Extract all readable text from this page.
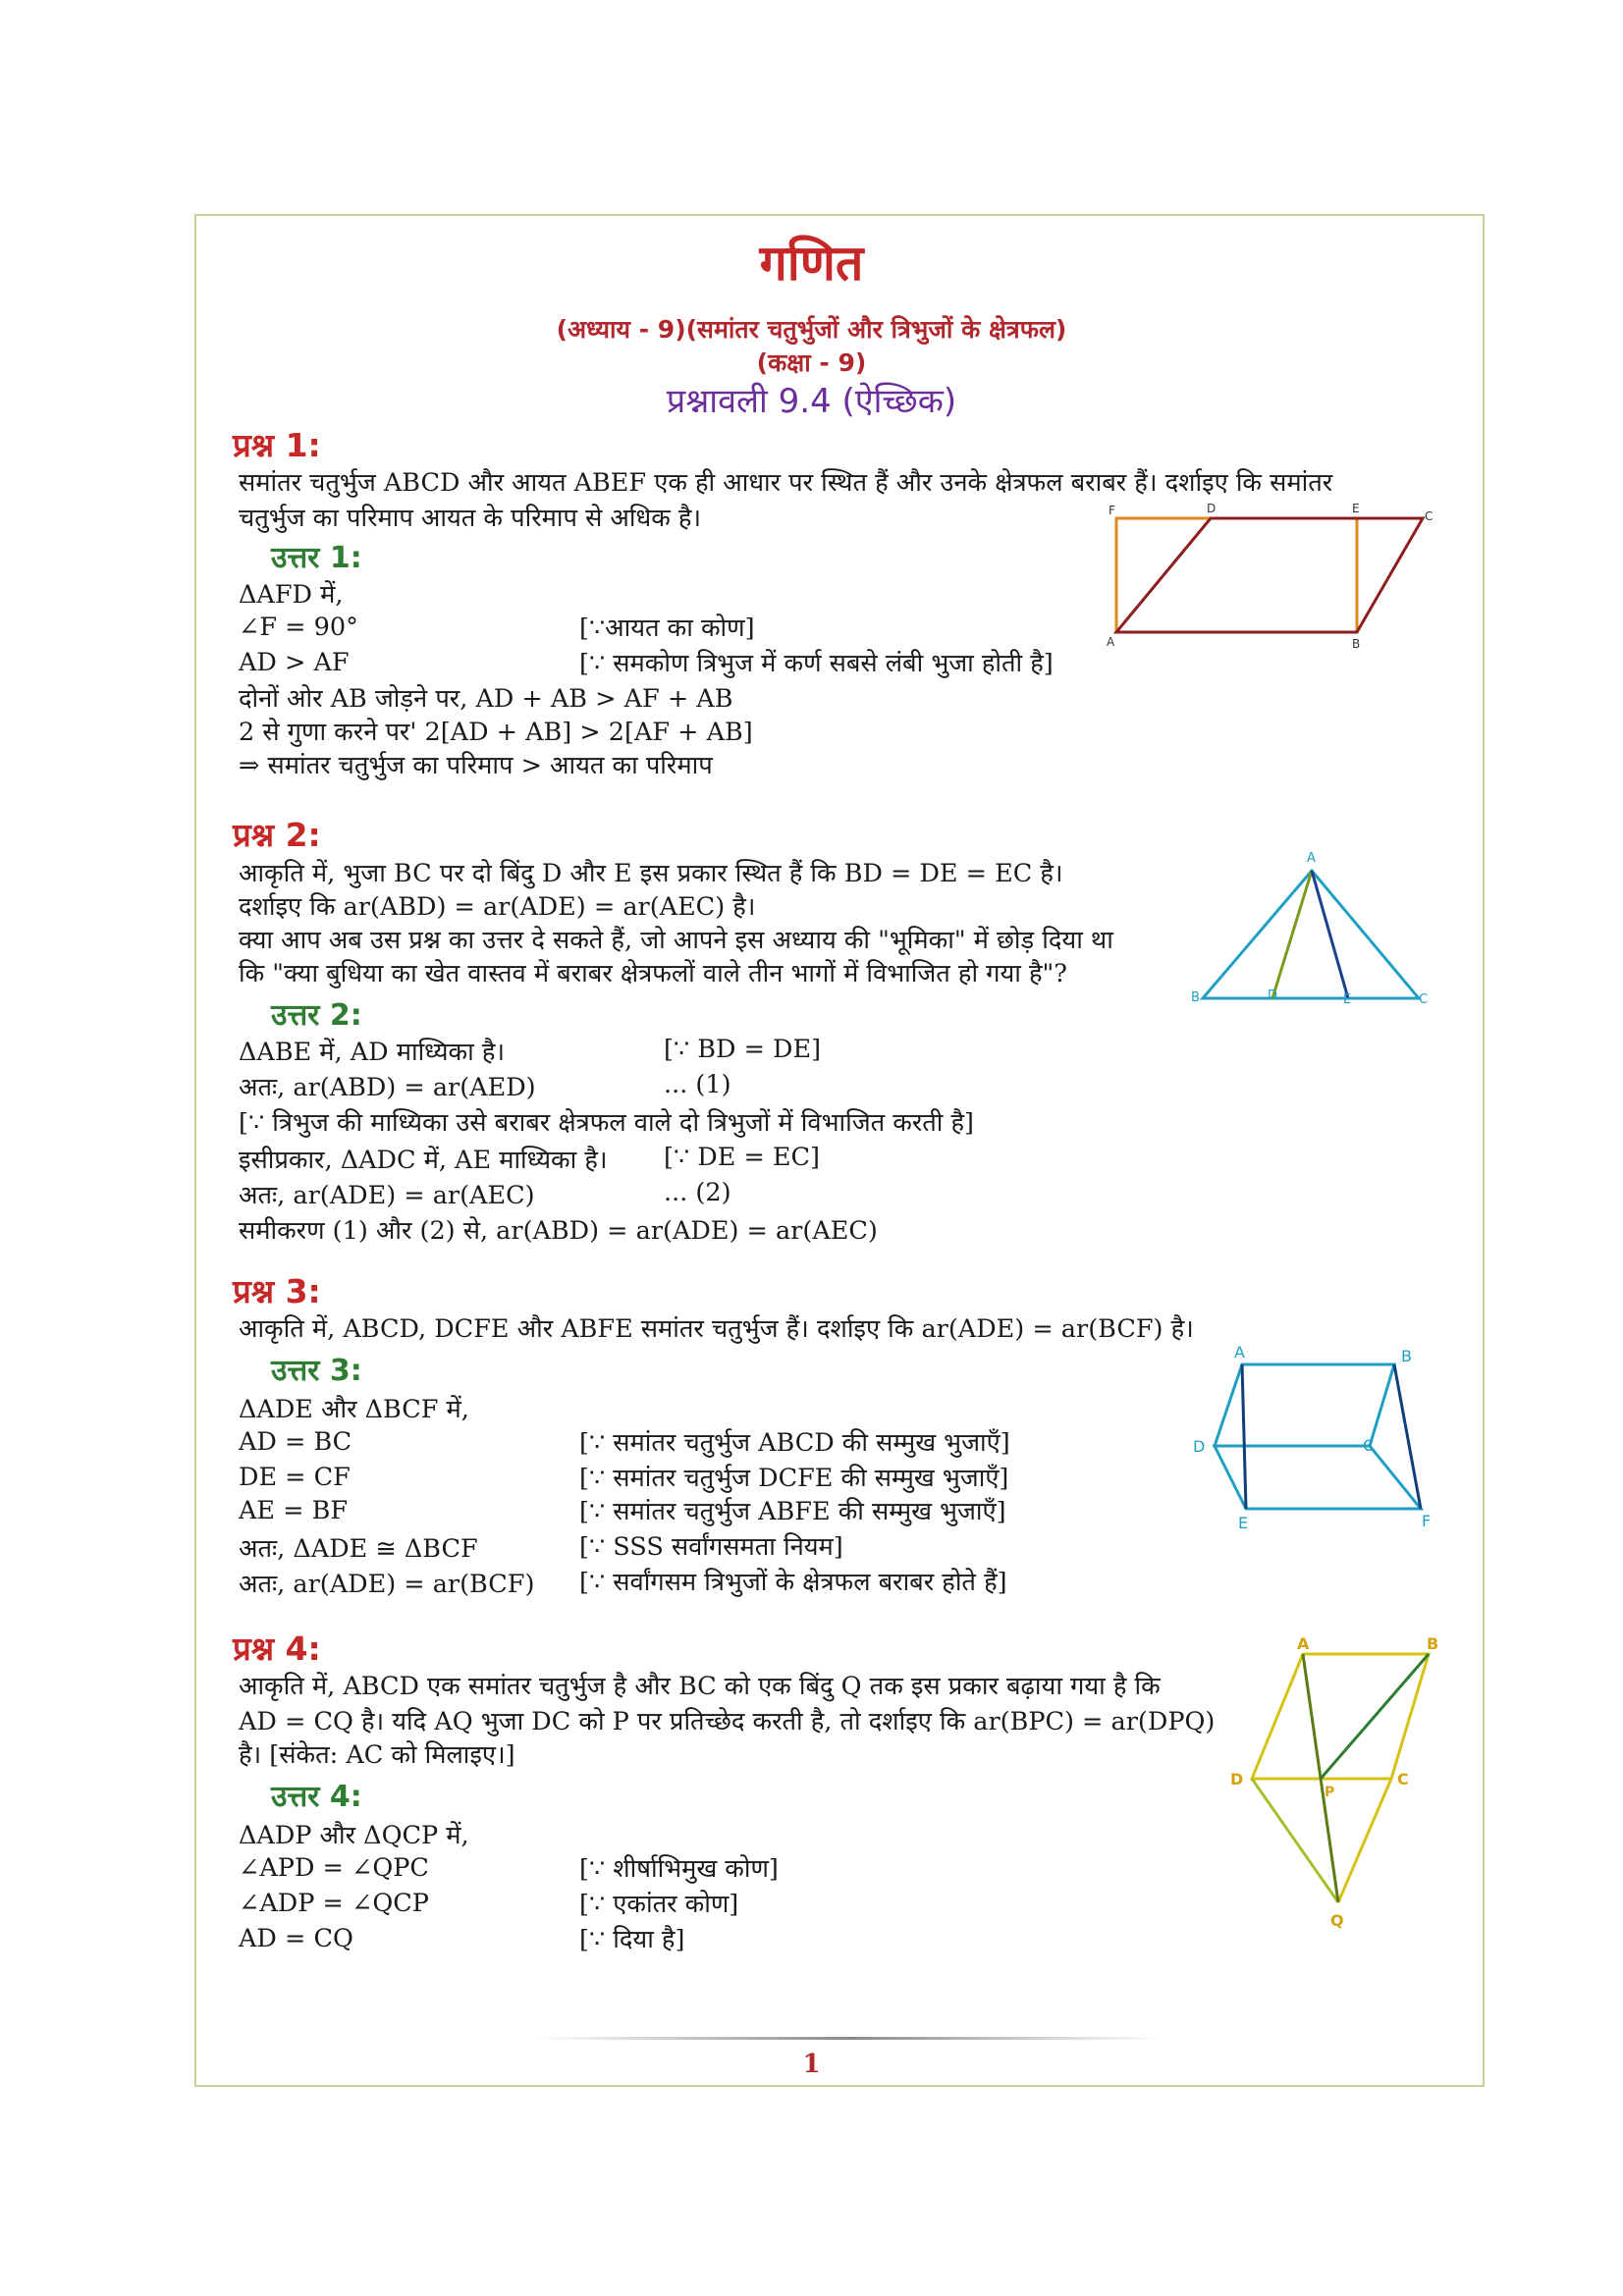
गणित
(अध्याय - 9)(समांतर चतुर्भुजों और त्रिभुजों के क्षेत्रफल)
(कक्षा - 9)
प्रश्नावली 9.4 (ऐच्छिक)
प्रश्न 1:
समांतर चतुर्भुज ABCD और आयत ABEF एक ही आधार पर स्थित हैं और उनके क्षेत्रफल बराबर हैं। दर्शाइए कि समांतर
चतुर्भुज का परिमाप आयत के परिमाप से अधिक है।
उत्तर 1:
ΔAFD में,
∠F = 90°	[∵आयत का कोण]
AD > AF	[∵ समकोण त्रिभुज में कर्ण सबसे लंबी भुजा होती है]
दोनों ओर AB जोड़ने पर, AD + AB > AF + AB
2 से गुणा करने पर' 2[AD + AB] > 2[AF + AB]
⇒ समांतर चतुर्भुज का परिमाप > आयत का परिमाप
F	D	E
C
A	B
प्रश्न 2:
आकृति में, भुजा BC पर दो बिंदु D और E इस प्रकार स्थित हैं कि BD = DE = EC है।
दर्शाइए कि ar(ABD) = ar(ADE) = ar(AEC) है।
क्या आप अब उस प्रश्न का उत्तर दे सकते हैं, जो आपने इस अध्याय की "भूमिका" में छोड़ दिया था
कि "क्या बुधिया का खेत वास्तव में बराबर क्षेत्रफलों वाले तीन भागों में विभाजित हो गया है"?
उत्तर 2:
ΔABE में, AD माध्यिका है।	[∵ BD = DE]
अतः, ar(ABD) = ar(AED)	... (1)
[∵ त्रिभुज की माध्यिका उसे बराबर क्षेत्रफल वाले दो त्रिभुजों में विभाजित करती है]
इसीप्रकार, ΔADC में, AE माध्यिका है। [∵ DE = EC]
अतः, ar(ADE) = ar(AEC)	... (2)
समीकरण (1) और (2) से, ar(ABD) = ar(ADE) = ar(AEC)
A
B	D	E	C
प्रश्न 3:
आकृति में, ABCD, DCFE और ABFE समांतर चतुर्भुज हैं। दर्शाइए कि ar(ADE) = ar(BCF) है।
उत्तर 3:
ΔADE और ΔBCF में,
AD = BC	[∵ समांतर चतुर्भुज ABCD की सम्मुख भुजाएँ]
DE = CF	[∵ समांतर चतुर्भुज DCFE की सम्मुख भुजाएँ]
AE = BF	[∵ समांतर चतुर्भुज ABFE की सम्मुख भुजाएँ]
अतः, ΔADE ≅ ΔBCF	[∵ SSS सर्वांगसमता नियम]
अतः, ar(ADE) = ar(BCF) [∵ सर्वांगसम त्रिभुजों के क्षेत्रफल बराबर होते हैं]
A	B
D	C
E	F
प्रश्न 4:
आकृति में, ABCD एक समांतर चतुर्भुज है और BC को एक बिंदु Q तक इस प्रकार बढ़ाया गया है कि
AD = CQ है। यदि AQ भुजा DC को P पर प्रतिच्छेद करती है, तो दर्शाइए कि ar(BPC) = ar(DPQ)
है। [संकेत: AC को मिलाइए।]
उत्तर 4:
ΔADP और ΔQCP में,
∠APD = ∠QPC	[∵ शीर्षाभिमुख कोण]
∠ADP = ∠QCP	[∵ एकांतर कोण]
AD = CQ	[∵ दिया है]
A	B
D
P
C
Q
1
